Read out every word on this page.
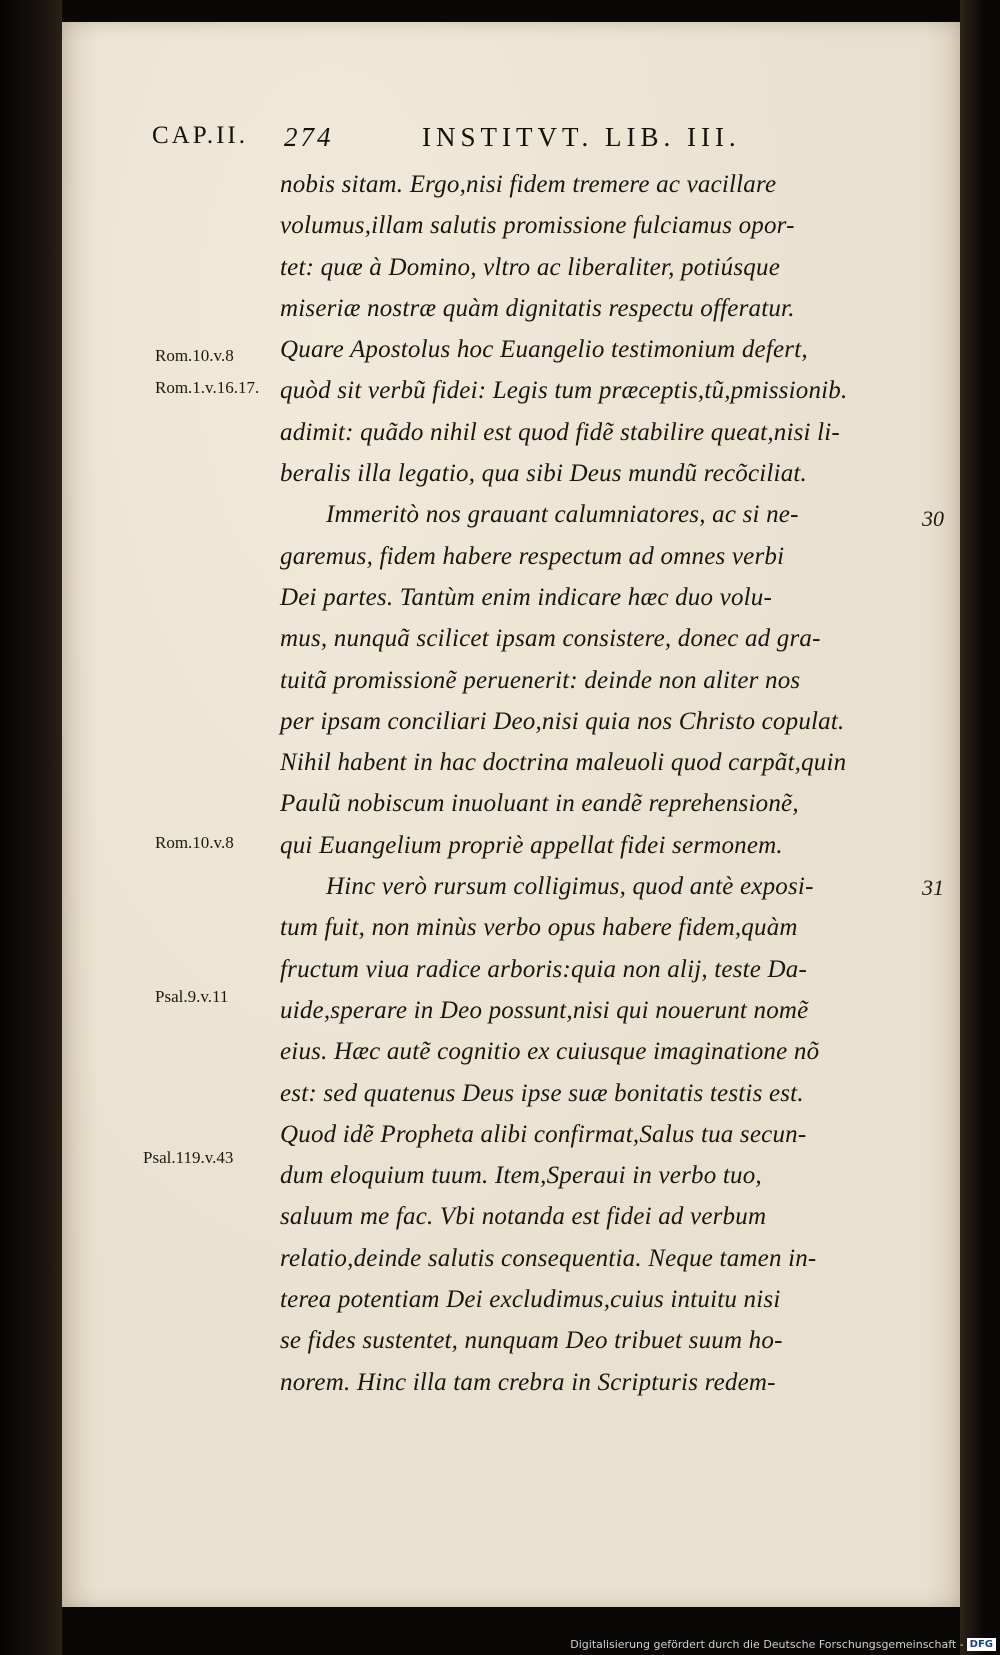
CAP.II. 274	INSTITVT. LIB. III.
nobis sitam. Ergo,nisi fidem tremere ac vacillare
volumus,illam salutis promissione fulciamus opor-
tet: quæ à Domino, vltro ac liberaliter, potiúsque
miseriæ nostræ quàm dignitatis respectu offeratur.
Quare Apostolus hoc Euangelio testimonium defert,
quòd sit verbũ fidei: Legis tum præceptis,tũ,pmissionib.
adimit: quãdo nihil est quod fidẽ stabilire queat,nisi li-
beralis illa legatio, qua sibi Deus mundũ recõciliat.
Immeritò nos grauant calumniatores, ac si ne-
garemus, fidem habere respectum ad omnes verbi
Dei partes. Tantùm enim indicare hæc duo volu-
mus, nunquã scilicet ipsam consistere, donec ad gra-
tuitã promissionẽ peruenerit: deinde non aliter nos
per ipsam conciliari Deo,nisi quia nos Christo copulat.
Nihil habent in hac doctrina maleuoli quod carpãt,quin
Paulũ nobiscum inuoluant in eandẽ reprehensionẽ,
qui Euangelium propriè appellat fidei sermonem.
Hinc verò rursum colligimus, quod antè exposi-
tum fuit, non minùs verbo opus habere fidem,quàm
fructum viua radice arboris:quia non alij, teste Da-
uide,sperare in Deo possunt,nisi qui nouerunt nomẽ
eius. Hæc autẽ cognitio ex cuiusque imaginatione nõ
est: sed quatenus Deus ipse suæ bonitatis testis est.
Quod idẽ Propheta alibi confirmat,Salus tua secun-
dum eloquium tuum. Item,Speraui in verbo tuo,
saluum me fac. Vbi notanda est fidei ad verbum
relatio,deinde salutis consequentia. Neque tamen in-
terea potentiam Dei excludimus,cuius intuitu nisi
se fides sustentet, nunquam Deo tribuet suum ho-
norem. Hinc illa tam crebra in Scripturis redem-
Rom.10.v.8
Rom.1.v.16.17.
Rom.10.v.8
Psal.9.v.11
Psal.119.v.43
30
31
Digitalisierung gefördert durch die Deutsche Forschungsgemeinschaft - DFG
